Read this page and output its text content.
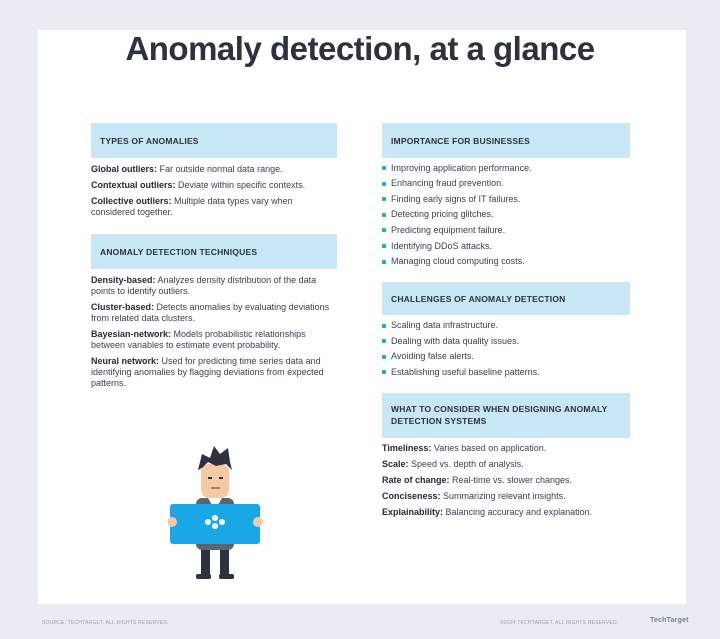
Anomaly detection, at a glance
TYPES OF ANOMALIES
Global outliers: Far outside normal data range.
Contextual outliers: Deviate within specific contexts.
Collective outliers: Multiple data types vary when considered together.
ANOMALY DETECTION TECHNIQUES
Density-based: Analyzes density distribution of the data points to identify outliers.
Cluster-based: Detects anomalies by evaluating deviations from related data clusters.
Bayesian-network: Models probabilistic relationships between variables to estimate event probability.
Neural network: Used for predicting time series data and identifying anomalies by flagging deviations from expected patterns.
IMPORTANCE FOR BUSINESSES
Improving application performance.
Enhancing fraud prevention.
Finding early signs of IT failures.
Detecting pricing glitches.
Predicting equipment failure.
Identifying DDoS attacks.
Managing cloud computing costs.
CHALLENGES OF ANOMALY DETECTION
Scaling data infrastructure.
Dealing with data quality issues.
Avoiding false alerts.
Establishing useful baseline patterns.
WHAT TO CONSIDER WHEN DESIGNING ANOMALY DETECTION SYSTEMS
Timeliness: Varies based on application.
Scale: Speed vs. depth of analysis.
Rate of change: Real-time vs. slower changes.
Conciseness: Summarizing relevant insights.
Explainability: Balancing accuracy and explanation.
SOURCE: TECHTARGET. ALL RIGHTS RESERVED.	©2024 TECHTARGET. ALL RIGHTS RESERVED.	TechTarget
